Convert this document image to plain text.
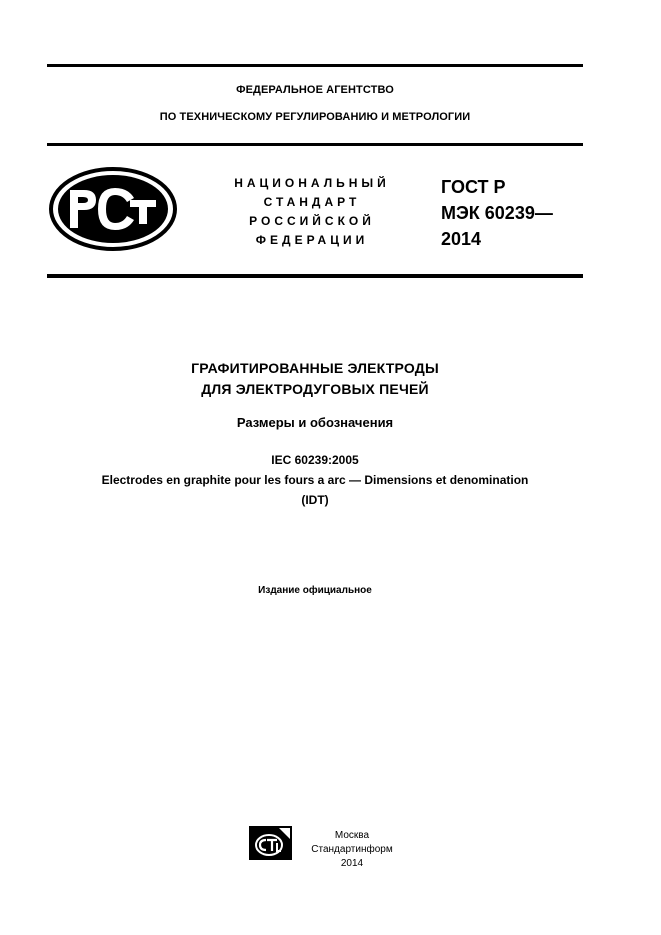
ФЕДЕРАЛЬНОЕ АГЕНТСТВО
ПО ТЕХНИЧЕСКОМУ РЕГУЛИРОВАНИЮ И МЕТРОЛОГИИ
НАЦИОНАЛЬНЫЙ
СТАНДАРТ
РОССИЙСКОЙ
ФЕДЕРАЦИИ
ГОСТ Р
МЭК 60239—
2014
ГРАФИТИРОВАННЫЕ ЭЛЕКТРОДЫ
ДЛЯ ЭЛЕКТРОДУГОВЫХ ПЕЧЕЙ
Размеры и обозначения
IEC 60239:2005
Electrodes en graphite pour les fours a arc — Dimensions et denomination
(IDT)
Издание официальное
Москва
Стандартинформ
2014
